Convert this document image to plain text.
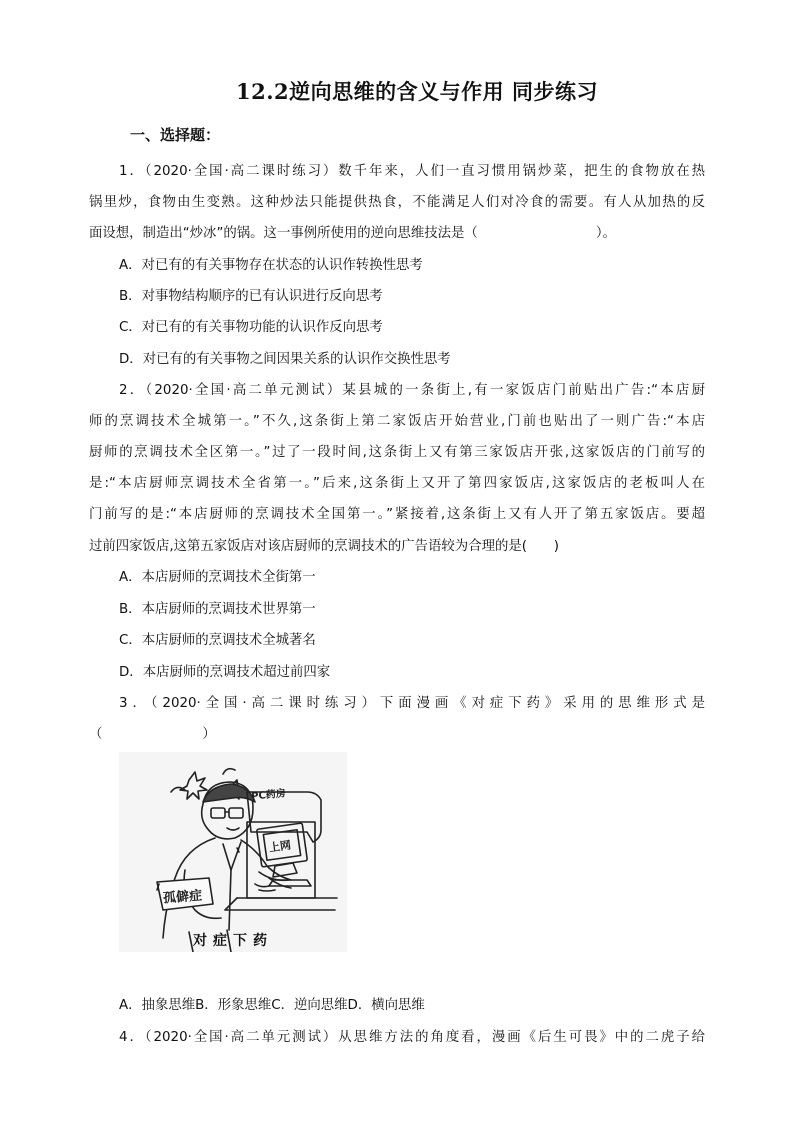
12.2逆向思维的含义与作用 同步练习
一、选择题：
1．（2020·全国·高二课时练习）数千年来，人们一直习惯用锅炒菜，把生的食物放在热
锅里炒，食物由生变熟。这种炒法只能提供热食，不能满足人们对冷食的需要。有人从加热的反
面设想，制造出“炒冰”的锅。这一事例所使用的逆向思维技法是（	）。
A．对已有的有关事物存在状态的认识作转换性思考
B．对事物结构顺序的已有认识进行反向思考
C．对已有的有关事物功能的认识作反向思考
D．对已有的有关事物之间因果关系的认识作交换性思考
2．（2020·全国·高二单元测试）某县城的一条街上,有一家饭店门前贴出广告:“本店厨
师的烹调技术全城第一。”不久,这条街上第二家饭店开始营业,门前也贴出了一则广告:“本店
厨师的烹调技术全区第一。”过了一段时间,这条街上又有第三家饭店开张,这家饭店的门前写的
是:“本店厨师烹调技术全省第一。”后来,这条街上又开了第四家饭店,这家饭店的老板叫人在
门前写的是:“本店厨师的烹调技术全国第一。”紧接着,这条街上又有人开了第五家饭店。要超
过前四家饭店,这第五家饭店对该店厨师的烹调技术的广告语较为合理的是(　　)
A．本店厨师的烹调技术全街第一
B．本店厨师的烹调技术世界第一
C．本店厨师的烹调技术全城著名
D．本店厨师的烹调技术超过前四家
3．（2020·全国·高二课时练习）下面漫画《对症下药》采用的思维形式是
（	）
PC药房
上网
孤僻症
对症下药
A．抽象思维B．形象思维C．逆向思维D．横向思维
4．（2020·全国·高二单元测试）从思维方法的角度看，漫画《后生可畏》中的二虎子给
